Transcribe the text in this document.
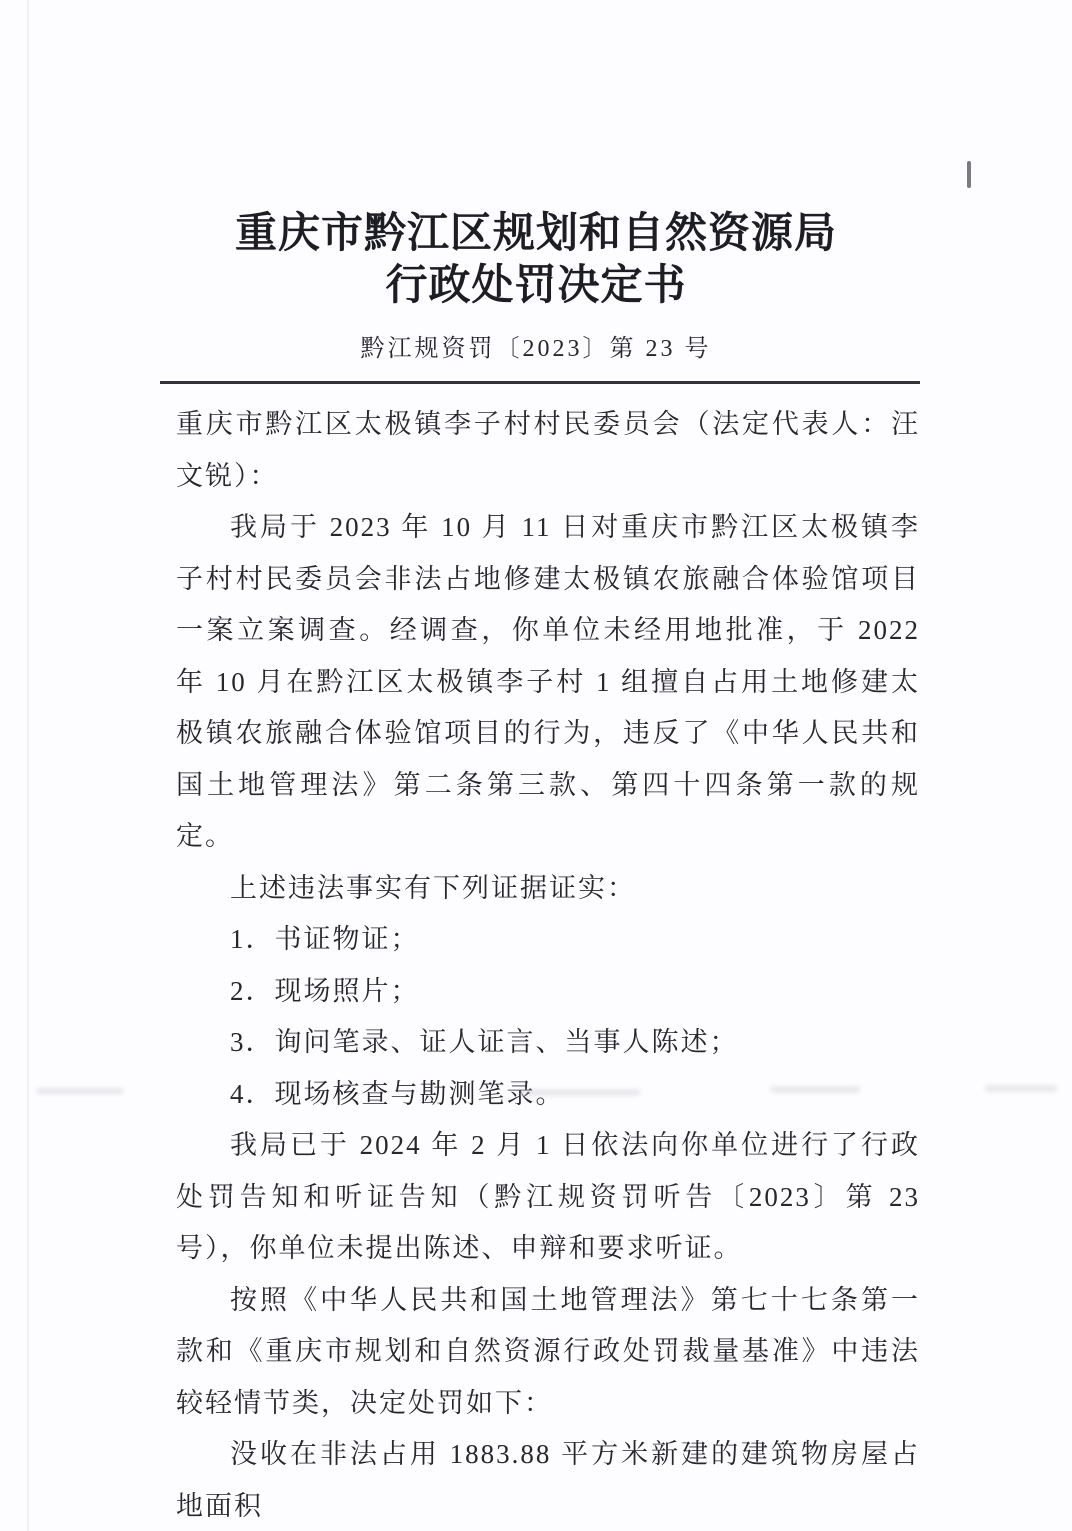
重庆市黔江区规划和自然资源局
行政处罚决定书
黔江规资罚〔2023〕第 23 号

重庆市黔江区太极镇李子村村民委员会（法定代表人：汪文锐）：

我局于 2023 年 10 月 11 日对重庆市黔江区太极镇李子村村民委员会非法占地修建太极镇农旅融合体验馆项目一案立案调查。经调查，你单位未经用地批准，于 2022 年 10 月在黔江区太极镇李子村 1 组擅自占用土地修建太极镇农旅融合体验馆项目的行为，违反了《中华人民共和国土地管理法》第二条第三款、第四十四条第一款的规定。

上述违法事实有下列证据证实：

1．书证物证；

2．现场照片；

3．询问笔录、证人证言、当事人陈述；

4．现场核查与勘测笔录。

我局已于 2024 年 2 月 1 日依法向你单位进行了行政处罚告知和听证告知（黔江规资罚听告〔2023〕第 23 号），你单位未提出陈述、申辩和要求听证。

按照《中华人民共和国土地管理法》第七十七条第一款和《重庆市规划和自然资源行政处罚裁量基准》中违法较轻情节类，决定处罚如下：

没收在非法占用 1883.88 平方米新建的建筑物房屋占地面积
